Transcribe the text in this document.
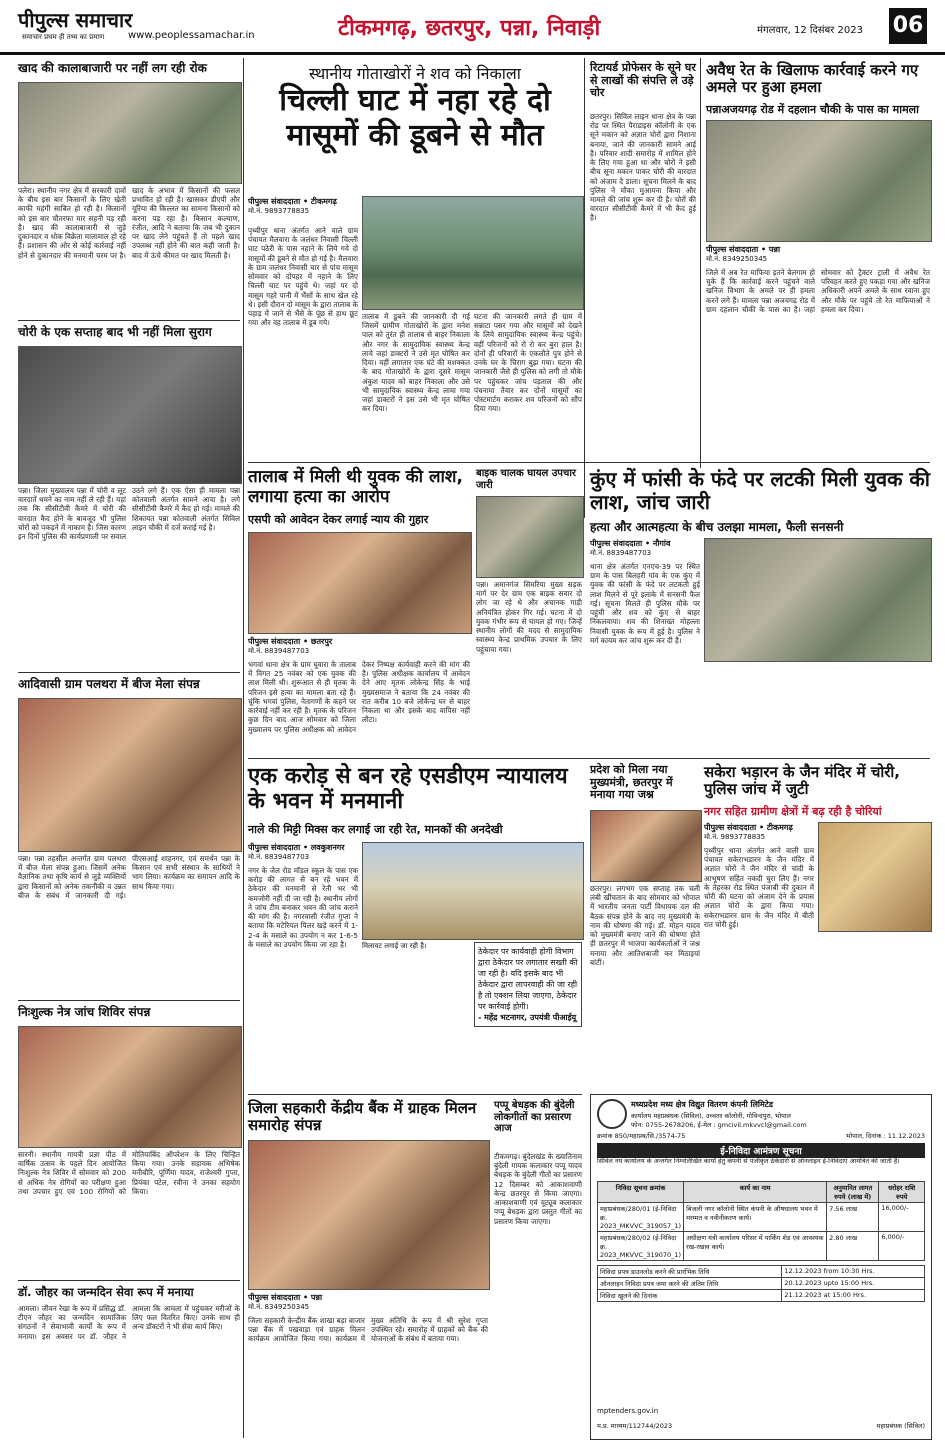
पीपुल्स समाचार
समाचार प्रथम ही तथ्य का प्रमाण	www.peoplessamachar.in	टीकमगढ़, छतरपुर, पन्ना, निवाड़ी	मंगलवार, 12 दिसंबर 2023 06
खाद की कालाबाजारी पर नहीं लग रही रोक
पलेरा। स्थानीय नगर क्षेत्र में सरकारी दावों के बीच इस बार किसानों के लिए खेती काफी महंगी साबित हो रही है। किसानों को इस बार चौतरफा मार सहनी पड़ रही है। खाद की कालाबाजारी से जुड़े दुकानदार व थोक विक्रेता मालामाल हो रहे हैं। प्रशासन की ओर से कोई कार्रवाई नहीं होने से दुकानदार की मनमानी चरम पर है। खाद के अभाव में किसानों की फसल प्रभावित हो रही है। खासकर डीएपी और यूरिया की किल्लत का सामना किसानों को करना पड़ रहा है। किसान कल्याण, रंजीत, आदि ने बताया कि जब भी दुकान पर खाद लेने पहुंचते हैं तो पहले खाद उपलब्ध नहीं होने की बात कही जाती है। बाद में ऊंचे कीमत पर खाद मिलती है।
चोरी के एक सप्ताह बाद भी नहीं मिला सुराग
पन्ना। जिला मुख्यालय पन्ना में चोरी व लूट वारदातें थमने का नाम नहीं ले रही हैं। यहां तक कि सीसीटीवी कैमरे में चोरी की वारदात कैद होने के बावजूद भी पुलिस चोरों को पकड़ने में नाकाम है। जिस कारण इन दिनों पुलिस की कार्यप्रणाली पर सवाल उठने लगे हैं। एक ऐसा ही मामला पन्ना कोतवाली अंतर्गत सामने आया है। लगे सीसीटीवी कैमरे में कैद हो गई। मामले की शिकायत पन्ना कोतवाली अंतर्गत सिविल लाइन चौकी में दर्ज कराई गई है।
आदिवासी ग्राम पलथरा में बीज मेला संपन्न
पन्ना। पन्ना तहसील अन्तर्गत ग्राम पलथरा में बीज मेला संपन्न हुआ। जिसमें अनेक वैज्ञानिक तथा कृषि कार्य से जुड़े व्यक्तियों द्वारा किसानों को अनेक तकनीकी व उन्नत बीज के संबंध में जानकारी दी गई। पीएसआई शाहनगर, एवं समर्थन पन्ना के किसान एवं सभी संस्थान के साथियों ने भाग लिया। कार्यक्रम का समापन आदि के साथ किया गया।
निःशुल्क नेत्र जांच शिविर संपन्न
सारनी। स्थानीय गायत्री प्रज्ञा पीठ में वार्षिक उत्सव के पहले दिन आयोजित निःशुल्क नेत्र शिविर में सोमवार को 200 से अधिक नेत्र रोगियों का परीक्षण हुआ तथा उपचार हुए एवं 100 रोगियों को मोतियाबिंद ऑपरेशन के लिए चिन्हित किया गया। उनके सहायक अभिषेक मनीबौरि, पूर्णिमा यादव, राजेश्वरी गुप्ता, प्रियंका पटेल, रवीना ने उनका सहयोग किया।
डॉ. जौहर का जन्मदिन सेवा रूप में मनाया
आमला। जीवन रेखा के रूप में प्रसिद्ध डॉ. टीएन जौहर का जन्मदिन सामाजिक संगठनों ने सेवाभावी कार्यों के रूप में मनाया। इस अवसर पर डॉ. जौहर ने आमला कि आमला में पहुंचकर मरीजों के लिए फल वितरित किए। उनके साथ ही अन्य डॉक्टरों ने भी सेवा कार्य किए।
स्थानीय गोताखोरों ने शव को निकाला
चिल्ली घाट में नहा रहे दो मासूमों की डूबने से मौत
पीपुल्स संवाददाता • टीकमगढ़
मो.नं. 9893778835
पृथ्वीपुर थाना अंतर्गत आने वाले ग्राम पंचायत मैलवारा के जलंधर निवासी चिल्ली घाट पठेरी के पास नहाने के लिये गये दो मासूमों की डूबने से मौत हो गई है। मैलवारा के ग्राम जलंधर निवासी चार से पांच मासूम सोमवार को दोपहर में नहाने के लिए चिल्ली घाट पर पहुंचे थे। जहां पर दो मासूम गहरे पानी में भैंसों के साथ खेल रहे थे। इसी दौरान दो मासूम के द्वारा तालाब के पहाड़ में जाने से भैंसे के पूंछ से हाथ छूट गया और वह तालाब में डूब गये।
तालाब में डूबने की जानकारी दी गई जिसमें ग्रामीण गोताखोरों के द्वारा मनेश पाल को तुरंत ही तालाब से बाहर निकाला और नगर के सामुदायिक स्वास्थ्य केन्द्र लाये जहां डाक्टरों ने उसे मृत घोषित कर दिया। वहीं लगातार एक घंटे की मशक्कत के बाद गोताखोरों के द्वारा दूसरे मासूम अंकुश यादव को बाहर निकाला और उसे भी सामुदायिक स्वास्थ्य केन्द्र लाया गया जहां डाक्टरों ने इस उसे भी मृत घोषित कर दिया।
घटना की जानकारी लगते ही ग्राम में सन्नाटा पसर गया और मासूमों को देखने के लिये सामुदायिक स्वास्थ्य केन्द्र पहुंचे। वहीं परिजनों को रो रो कर बुरा हाल है। दोनों ही परिवारों के एकलौते पुत्र होने से उनके घर के चिराग बुझ गया। घटना की जानकारी जैसे ही पुलिस को लगी तो मौके पर पहुंचकर जांच पड़ताल की और पंचनामा तैयार कर दोनों मासूमों का पोस्टमार्टम कराकर शव परिजनों को सौंप दिया गया।
रिटायर्ड प्रोफेसर के सूने घर से लाखों की संपत्ति ले उड़े चोर
छतरपुर। सिविल लाइन थाना क्षेत्र के पन्ना रोड पर स्थित पैराडाइस कॉलोनी के एक सूने मकान को अज्ञात चोरों द्वारा निशाना बनाया, जाने की जानकारी सामने आई है। परिवार शादी समारोह में शामिल होने के लिए गया हुआ था और चोरों ने इसी बीच सूना मकान पाकर चोरी की वारदात को अंजाम दे डाला। सूचना मिलने के बाद पुलिस ने मौका मुआयना किया और मामले की जांच शुरू कर दी है। चोरों की वारदात सीसीटीवी कैमरे में भी कैद हुई है।
अवैध रेत के खिलाफ कार्रवाई करने गए अमले पर हुआ हमला
पन्नाअजयगढ़ रोड में दहलान चौकी के पास का मामला
पीपुल्स संवाददाता • पन्ना
मो.नं. 8349250345
जिले में अब रेत माफिया इतने बेलगाम हो चुके हैं कि कार्रवाई करने पहुंचने वाले खनिज विभाग के अमले पर ही हमला करने लगे हैं। मामला पन्ना अजयगढ़ रोड में ग्राम दहलान चौकी के पास का है। जहां सोमवार को ट्रैक्टर ट्राली में अवैध रेत परिवहन करते हुए पकड़ा गया और खनिज अधिकारी अपने अमले के साथ रवाना हुए और मौके पर पहुंचे तो रेत माफियाओं ने हमला कर दिया।
तालाब में मिली थी युवक की लाश, लगाया हत्या का आरोप
एसपी को आवेदन देकर लगाई न्याय की गुहार
पीपुल्स संवाददाता • छतरपुर
मो.नं. 8839487703
भगवां थाना क्षेत्र के ग्राम घुवारा के तालाब में विगत 25 नवंबर को एक युवक की लाश मिली थी। शुरूआत से ही मृतक के परिजन इसे हत्या का मामला बता रहे हैं। चूंकि भगवां पुलिस, नेतागणों के कहने पर कार्रवाई नहीं कर रही है। मृतक के परिजन कुछ दिन बाद आज सोमवार को जिला मुख्यालय पर पुलिस अधीक्षक को आवेदन देकर निष्पक्ष कार्यवाही करने की मांग की है। पुलिस अधीक्षक कार्यालय में आवेदन देने आए मृतक लोकेन्द्र सिंह के भाई मुख्यसमाज ने बताया कि 24 नवंबर की रात करीब 10 बजे लोकेन्द्र घर से बाहर निकला था और इसके बाद वापिस नहीं लौटा।
बाइक चालक घायल उपचार जारी
पन्ना। अमानगंज सिमरिया मुख्य सड़क मार्ग पर देर ग्राम एक बाइक सवार दो लोग जा रहे थे और अचानक गाड़ी अनियंत्रित होकर गिर गई। घटना में दो युवक गंभीर रूप से घायल हो गए। जिन्हें स्थानीय लोगों की मदद से सामुदायिक स्वास्थ्य केन्द्र प्राथमिक उपचार के लिए पहुंचाया गया।
कुंए में फांसी के फंदे पर लटकी मिली युवक की लाश, जांच जारी
हत्या और आत्महत्या के बीच उलझा मामला, फैली सनसनी
पीपुल्स संवाददाता • नौगांव
मो.नं. 8839487703
थाना क्षेत्र अंतर्गत एनएच-39 पर स्थित ग्राम के पास बिलहरी गांव के एक कुंए में युवक की फांसी के फंदे पर लटकती हुई लाश मिलने से पूरे इलाके में सनसनी फैल गई। सूचना मिलते ही पुलिस मौके पर पहुंची और शव को कुंए से बाहर निकलवाया। शव की शिनाख्त मोहल्ला निवासी युवक के रूप में हुई है। पुलिस ने मर्ग कायम कर जांच शुरू कर दी है।
एक करोड़ से बन रहे एसडीएम न्यायालय के भवन में मनमानी
नाले की मिट्टी मिक्स कर लगाई जा रही रेत, मानकों की अनदेखी
पीपुल्स संवाददाता • लवकुशनगर
मो.नं. 8839487703
नगर के जेल रोड मॉडल स्कूल के पास एक करोड़ की लागत से बन रहे भवन में ठेकेदार की मनमानी से रेती भर भी कमजोरी नहीं दी जा रही है। स्थानीय लोगों ने जांच टीम बनाकर भवन की जांच कराने की मांग की है। नगरवासी रंजीत गुप्ता ने बताया कि मटेरियल पिलर खड़े करने में 1-2-4 के मसाले का उपयोग न कर 1-6-5 के मसाले का उपयोग किया जा रहा है।	मिलावट लगाई जा रही है।
ठेकेदार पर कार्यवाही होगी विभाग द्वारा ठेकेदार पर लगातार सख्ती की जा रही है। यदि इसके बाद भी ठेकेदार द्वारा लापरवाही की जा रही है तो एक्शन लिया जाएगा, ठेकेदार पर कार्रवाई होगी।
- महेंद्र भटनागर, उपयंत्री पीआईयू
प्रदेश को मिला नया मुख्यमंत्री, छतरपुर में मनाया गया जश्न
छतरपुर। लगभग एक सप्ताह तक चली लंबी खींचतान के बाद सोमवार को भोपाल में भारतीय जनता पार्टी विधायक दल की बैठक संपन्न होने के बाद नए मुख्यमंत्री के नाम की घोषणा की गई। डॉ. मोहन यादव को मुख्यमंत्री बनाए जाने की घोषणा होते ही छतरपुर में भाजपा कार्यकर्ताओं ने जश्न मनाया और आतिशबाजी कर मिठाइयां बांटीं।
सकेरा भड़ारन के जैन मंदिर में चोरी, पुलिस जांच में जुटी
नगर सहित ग्रामीण क्षेत्रों में बढ़ रही है चोरियां
पीपुल्स संवाददाता • टीकमगढ़
मो.नं. 9893778835
पृथ्वीपुर थाना अंतर्गत आने वाली ग्राम पंचायत सकेराभडारन के जैन मंदिर में अज्ञात चोरों ने जैन मंदिर से चांदी के आभूषण सहित नकदी चुरा लिए हैं। नगर के तेहरका रोड स्थित पंजाबी की दुकान में चोरी की घटना को अंजाम देने के प्रयास अज्ञात चोरों के द्वारा किया गया। सकेराभडारन ग्राम के जैन मंदिर में बीती रात चोरी हुई।
जिला सहकारी केंद्रीय बैंक में ग्राहक मिलन समारोह संपन्न
पीपुल्स संवाददाता • पन्ना
मो.नं. 8349250345
जिला सहकारी केन्द्रीय बैंक शाखा बड़ा बाजार पन्ना बैंक में पखवाड़ा एवं ग्राहक मिलन कार्यक्रम आयोजित किया गया। कार्यक्रम में मुख्य अतिथि के रूप में श्री सुरेश गुप्ता उपस्थित रहे। समारोह में ग्राहकों को बैंक की योजनाओं के संबंध में बताया गया।
पप्पू बेधड़क की बुंदेली लोकगीतों का प्रसारण आज
टीकमगढ़। बुंदेलखंड के ख्यातिनाम बुंदेली गायक कलाकार पप्पू यादव बेधड़क के बुंदेली गीतों का प्रसारण 12 दिसम्बर को आकाशवाणी केन्द्र छतरपुर से किया जाएगा। आकाशवाणी एवं यूट्यूब कलाकार पप्पू बेधड़क द्वारा प्रस्तुत गीतों का प्रसारण किया जाएगा।
मध्यप्रदेश मध्य क्षेत्र विद्युत वितरण कंपनी लिमिटेड
कार्यालय महाप्रबंधक (सिविल), उच्चतर कॉलोनी, गोविन्दपुरा, भोपाल
फोन: 0755-2678206, ई-मेल : gmcivil.mkvvcl@gmail.com
क्रमांक 850/महाप्रब/सि./3574-75	भोपाल, दिनांक : 11.12.2023
ई-निविदा आमंत्रण सूचना
सिविल नय कार्यालय के अन्तर्गत निम्नलिखित कार्यों हेतु कंपनी से पंजीकृत ठेकेदारों से ऑनलाइन ई-निविदाएं आमंत्रित की जाती हैं।
निविदा सूचना क्रमांक	कार्य का नाम	अनुमानित लागत रुपये (लाख में)	धरोहर राशि रुपये
महाप्रबंधक/280/01 (ई-निविदा क्र. 2023_MKVVC_319057_1)	बिजली नगर कॉलोनी स्थित कंपनी के औषधालय भवन में मरम्मत व नवीनीकरण कार्य।	7.56 लाख	16,000/-
महाप्रबंधक/280/02 (ई-निविदा क्र. 2023_MKVVC_319070_1)	अधीक्षण यंत्री कार्यालय परिसर में पार्किंग शेड एवं आवश्यक रख-रखाव कार्य।	2.80 लाख	6,000/-
निविदा प्रपत्र डाउनलोड करने की प्रारंभिक तिथि	12.12.2023 from 10:30 Hrs.
ऑनलाइन निविदा प्रपत्र जमा करने की अंतिम तिथि	20.12.2023 upto 15:00 Hrs.
निविदा खुलने की दिनांक	21.12.2023 at 15:00 Hrs.
mptenders.gov.in
म.प्र. माध्यम/112744/2023	महाप्रबंधक (सिविल)
